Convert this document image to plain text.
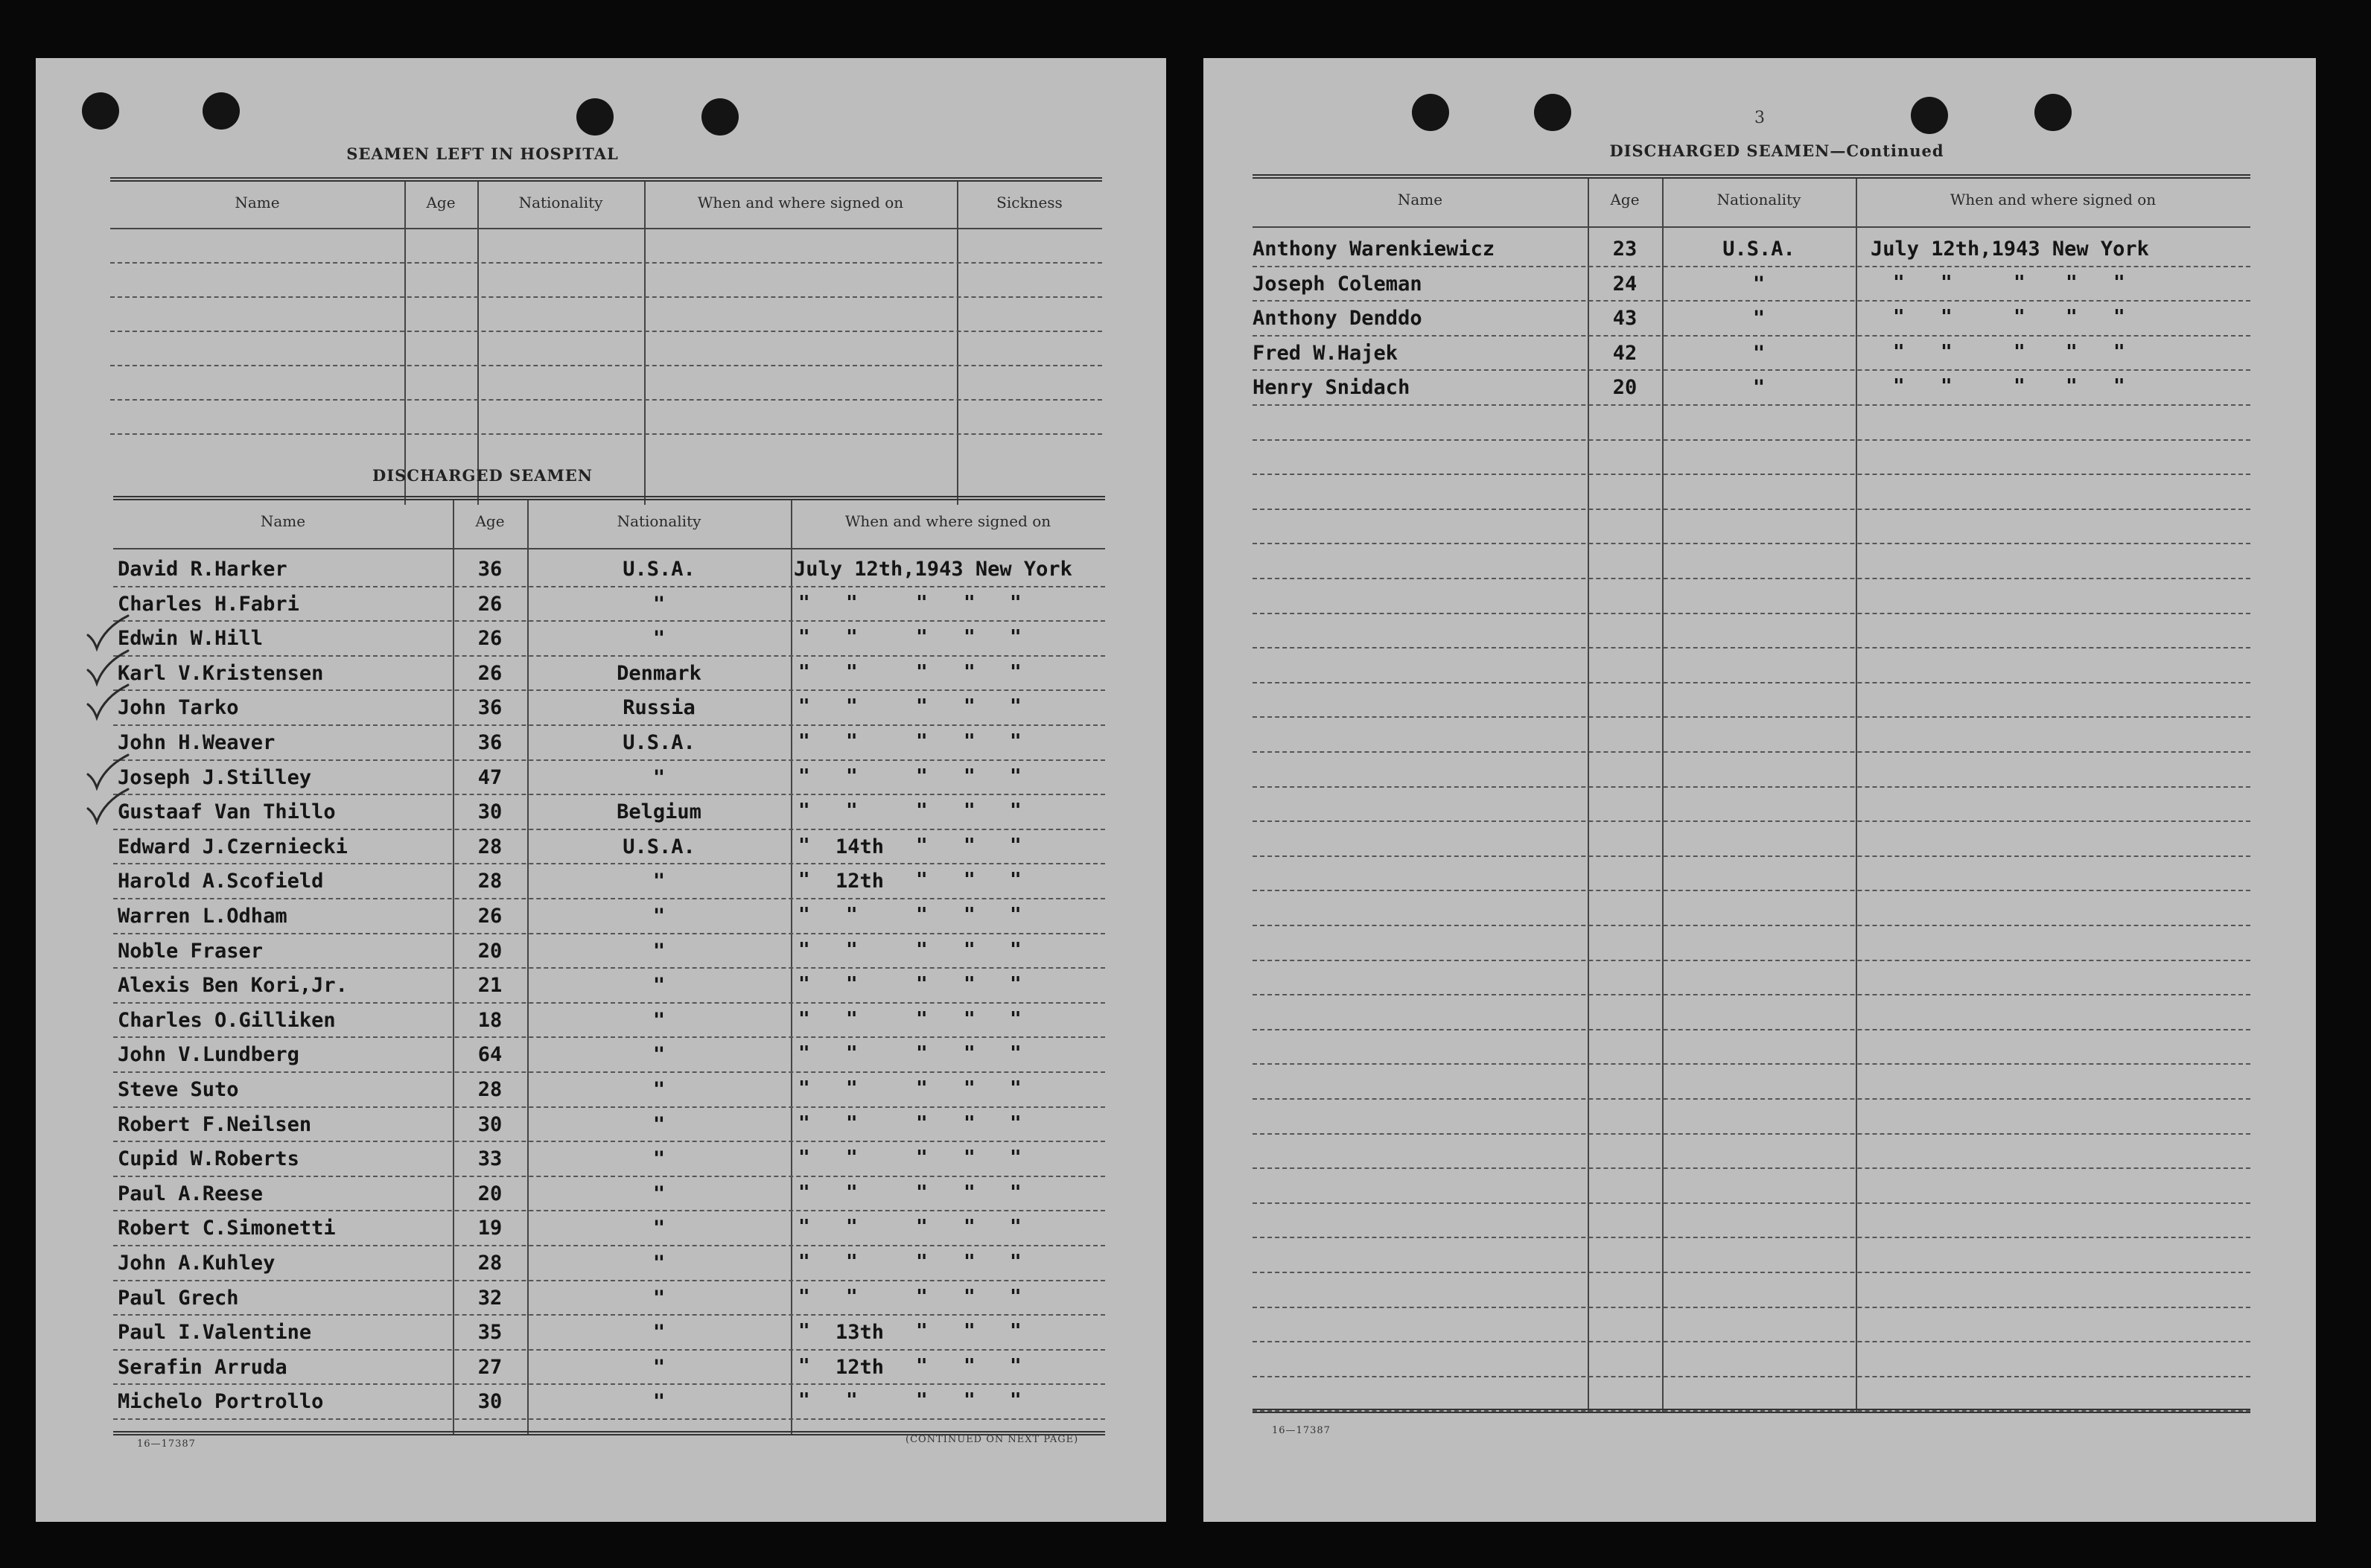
SEAMEN LEFT IN HOSPITAL
Name	Age	Nationality	When and where signed on	Sickness
DISCHARGED SEAMEN
Name	Age	Nationality	When and where signed on
David R.Harker	36	U.S.A.	July 12th,1943 New York
Charles H.Fabri	26	"	" "	" " "
Edwin W.Hill	26	"	" "	" " "
Karl V.Kristensen	26	Denmark	" "	" " "
John Tarko	36	Russia	" "	" " "
John H.Weaver	36	U.S.A.	" "	" " "
Joseph J.Stilley	47	"	" "	" " "
Gustaaf Van Thillo	30	Belgium	" "	" " "
Edward J.Czerniecki	28	U.S.A.	" 14th " " "
Harold A.Scofield	28	"	" 12th " " "
Warren L.Odham	26	"	" "	" " "
Noble Fraser	20	"	" "	" " "
Alexis Ben Kori,Jr.	21	"	" "	" " "
Charles O.Gilliken	18	"	" "	" " "
John V.Lundberg	64	"	" "	" " "
Steve Suto	28	"	" "	" " "
Robert F.Neilsen	30	"	" "	" " "
Cupid W.Roberts	33	"	" "	" " "
Paul A.Reese	20	"	" "	" " "
Robert C.Simonetti	19	"	" "	" " "
John A.Kuhley	28	"	" "	" " "
Paul Grech	32	"	" "	" " "
Paul I.Valentine	35	"	" 13th " " "
Serafin Arruda	27	"	" 12th " " "
Michelo Portrollo	30	"	" "	" " "
16—17387	(CONTINUED ON NEXT PAGE)
3
DISCHARGED SEAMEN—Continued
Name	Age	Nationality	When and where signed on
Anthony Warenkiewicz	23	U.S.A.	July 12th,1943 New York
Joseph Coleman	24	"	" "	" " "
Anthony Denddo	43	"	" "	" " "
Fred W.Hajek	42	"	" "	" " "
Henry Snidach	20	"	" "	" " "
16—17387
